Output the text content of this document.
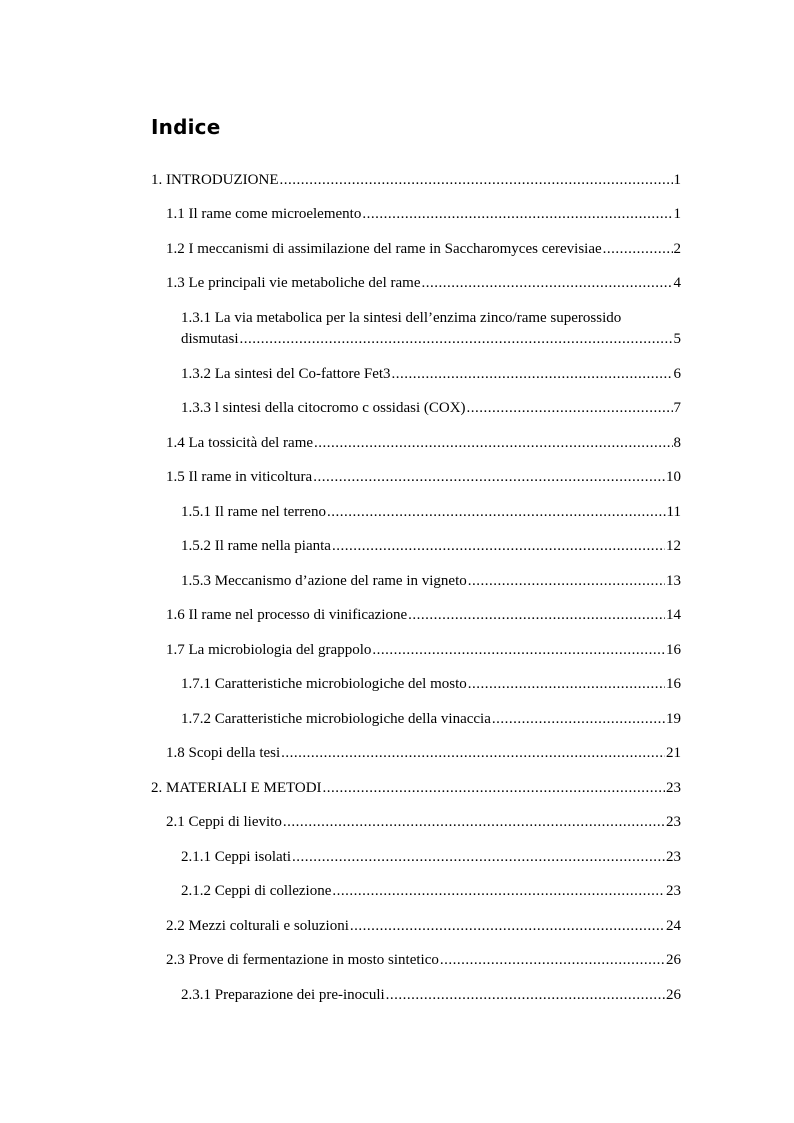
Indice
1. INTRODUZIONE .....	1
1.1 Il rame come microelemento .....	1
1.2 I meccanismi di assimilazione del rame in Saccharomyces cerevisiae .....	2
1.3 Le principali vie metaboliche del rame .....	4
1.3.1 La via metabolica per la sintesi dell’enzima zinco/rame superossido
dismutasi .....	5
1.3.2 La sintesi del Co-fattore Fet3 .....	6
1.3.3 l sintesi della citocromo c ossidasi (COX) .....	7
1.4 La tossicità del rame .....	8
1.5 Il rame in viticoltura .....	10
1.5.1 Il rame nel terreno .....	11
1.5.2 Il rame nella pianta .....	12
1.5.3 Meccanismo d’azione del rame in vigneto .....	13
1.6 Il rame nel processo di vinificazione .....	14
1.7 La microbiologia del grappolo .....	16
1.7.1 Caratteristiche microbiologiche del mosto .....	16
1.7.2 Caratteristiche microbiologiche della vinaccia .....	19
1.8 Scopi della tesi .....	21
2. MATERIALI E METODI .....	23
2.1 Ceppi di lievito .....	23
2.1.1 Ceppi isolati .....	23
2.1.2 Ceppi di collezione .....	23
2.2 Mezzi colturali e soluzioni .....	24
2.3 Prove di fermentazione in mosto sintetico .....	26
2.3.1 Preparazione dei pre-inoculi .....	26
